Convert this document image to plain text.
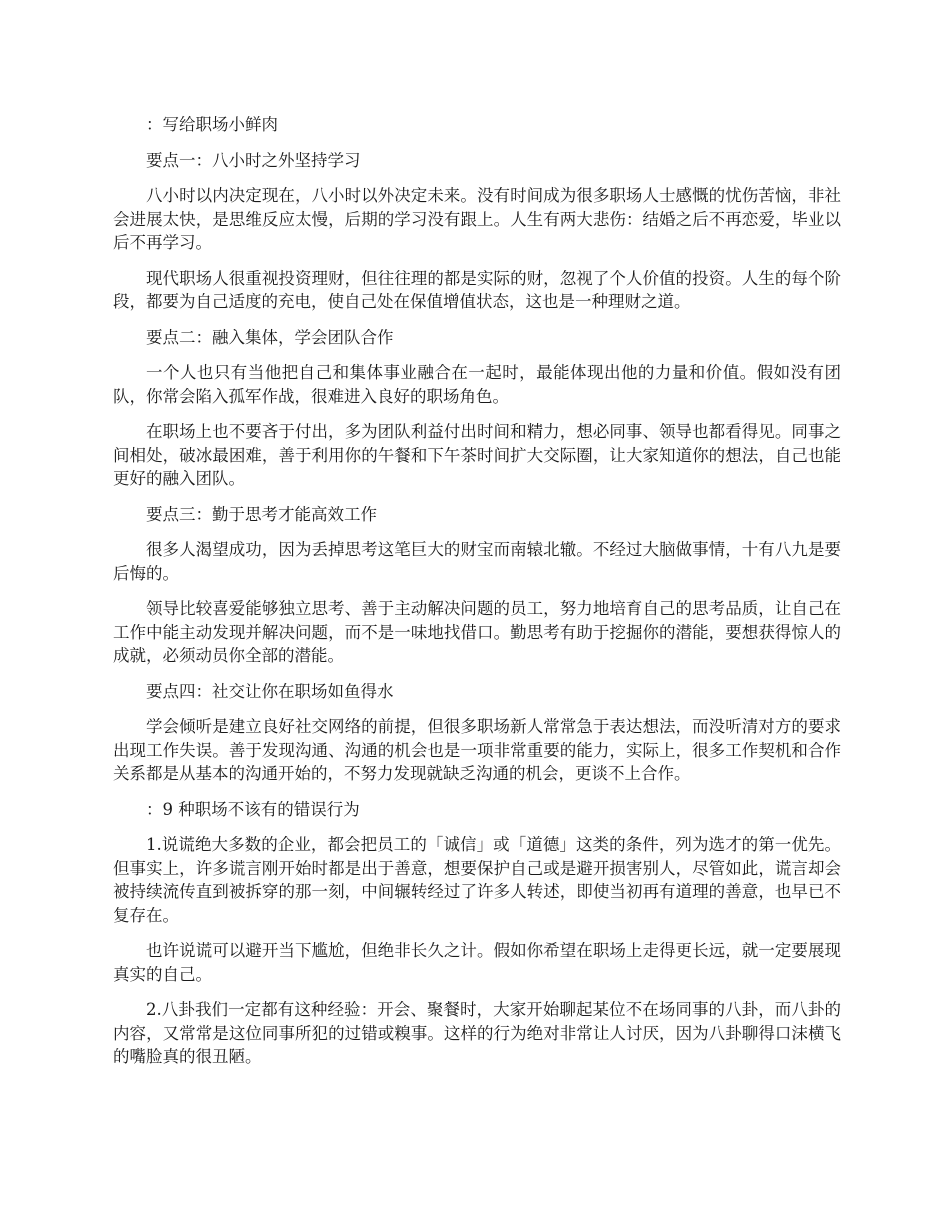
：写给职场小鲜肉

要点一：八小时之外坚持学习

八小时以内决定现在，八小时以外决定未来。没有时间成为很多职场人士感慨的忧伤苦恼，非社会进展太快，是思维反应太慢，后期的学习没有跟上。人生有两大悲伤：结婚之后不再恋爱，毕业以后不再学习。

现代职场人很重视投资理财，但往往理的都是实际的财，忽视了个人价值的投资。人生的每个阶段，都要为自己适度的充电，使自己处在保值增值状态，这也是一种理财之道。

要点二：融入集体，学会团队合作

一个人也只有当他把自己和集体事业融合在一起时，最能体现出他的力量和价值。假如没有团队，你常会陷入孤军作战，很难进入良好的职场角色。

在职场上也不要吝于付出，多为团队利益付出时间和精力，想必同事、领导也都看得见。同事之间相处，破冰最困难，善于利用你的午餐和下午茶时间扩大交际圈，让大家知道你的想法，自己也能更好的融入团队。

要点三：勤于思考才能高效工作

很多人渴望成功，因为丢掉思考这笔巨大的财宝而南辕北辙。不经过大脑做事情，十有八九是要后悔的。

领导比较喜爱能够独立思考、善于主动解决问题的员工，努力地培育自己的思考品质，让自己在工作中能主动发现并解决问题，而不是一味地找借口。勤思考有助于挖掘你的潜能，要想获得惊人的成就，必须动员你全部的潜能。

要点四：社交让你在职场如鱼得水

学会倾听是建立良好社交网络的前提，但很多职场新人常常急于表达想法，而没听清对方的要求出现工作失误。善于发现沟通、沟通的机会也是一项非常重要的能力，实际上，很多工作契机和合作关系都是从基本的沟通开始的，不努力发现就缺乏沟通的机会，更谈不上合作。

：9 种职场不该有的错误行为

1.说谎绝大多数的企业，都会把员工的「诚信」或「道德」这类的条件，列为选才的第一优先。但事实上，许多谎言刚开始时都是出于善意，想要保护自己或是避开损害别人，尽管如此，谎言却会被持续流传直到被拆穿的那一刻，中间辗转经过了许多人转述，即使当初再有道理的善意，也早已不复存在。

也许说谎可以避开当下尴尬，但绝非长久之计。假如你希望在职场上走得更长远，就一定要展现真实的自己。

2.八卦我们一定都有这种经验：开会、聚餐时，大家开始聊起某位不在场同事的八卦，而八卦的内容，又常常是这位同事所犯的过错或糗事。这样的行为绝对非常让人讨厌，因为八卦聊得口沫横飞的嘴脸真的很丑陋。
